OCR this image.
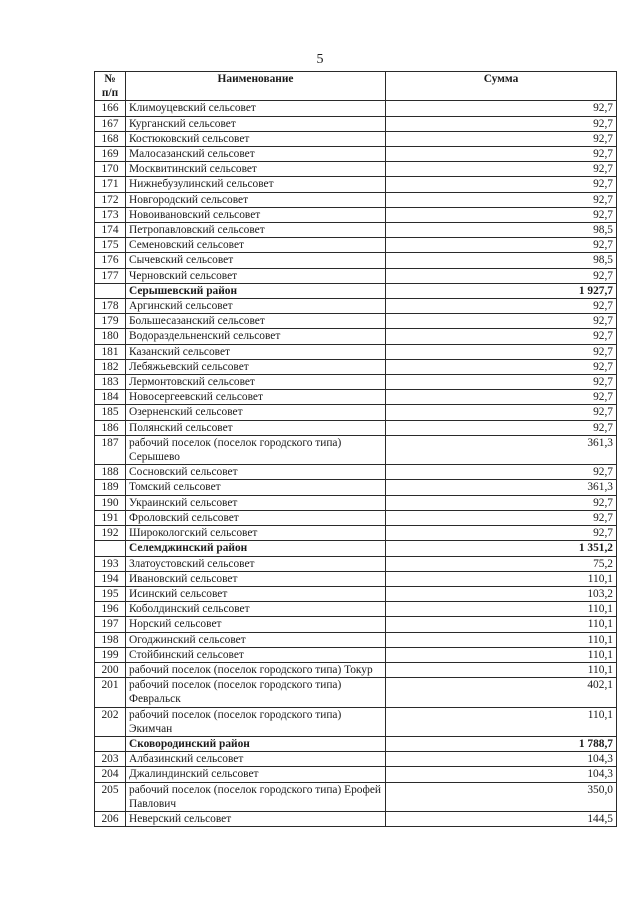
5
№
п/п	Наименование	Сумма
166	Климоуцевский сельсовет	92,7
167	Курганский сельсовет	92,7
168	Костюковский сельсовет	92,7
169	Малосазанский сельсовет	92,7
170	Москвитинский сельсовет	92,7
171	Нижнебузулинский сельсовет	92,7
172	Новгородский сельсовет	92,7
173	Новоивановский сельсовет	92,7
174	Петропавловский сельсовет	98,5
175	Семеновский сельсовет	92,7
176	Сычевский сельсовет	98,5
177	Черновский сельсовет	92,7
	Серышевский район	1 927,7
178	Аргинский сельсовет	92,7
179	Большесазанский сельсовет	92,7
180	Водораздельненский сельсовет	92,7
181	Казанский сельсовет	92,7
182	Лебяжьевский сельсовет	92,7
183	Лермонтовский сельсовет	92,7
184	Новосергеевский сельсовет	92,7
185	Озерненский сельсовет	92,7
186	Полянский сельсовет	92,7
187	рабочий поселок (поселок городского типа) Серышево	361,3
188	Сосновский сельсовет	92,7
189	Томский сельсовет	361,3
190	Украинский сельсовет	92,7
191	Фроловский сельсовет	92,7
192	Широкологский сельсовет	92,7
	Селемджинский район	1 351,2
193	Златоустовский сельсовет	75,2
194	Ивановский сельсовет	110,1
195	Исинский сельсовет	103,2
196	Коболдинский сельсовет	110,1
197	Норский сельсовет	110,1
198	Огоджинский сельсовет	110,1
199	Стойбинский сельсовет	110,1
200	рабочий поселок (поселок городского типа) Токур	110,1
201	рабочий поселок (поселок городского типа) Февральск	402,1
202	рабочий поселок (поселок городского типа) Экимчан	110,1
	Сковородинский район	1 788,7
203	Албазинский сельсовет	104,3
204	Джалиндинский сельсовет	104,3
205	рабочий поселок (поселок городского типа) Ерофей Павлович	350,0
206	Неверский сельсовет	144,5
